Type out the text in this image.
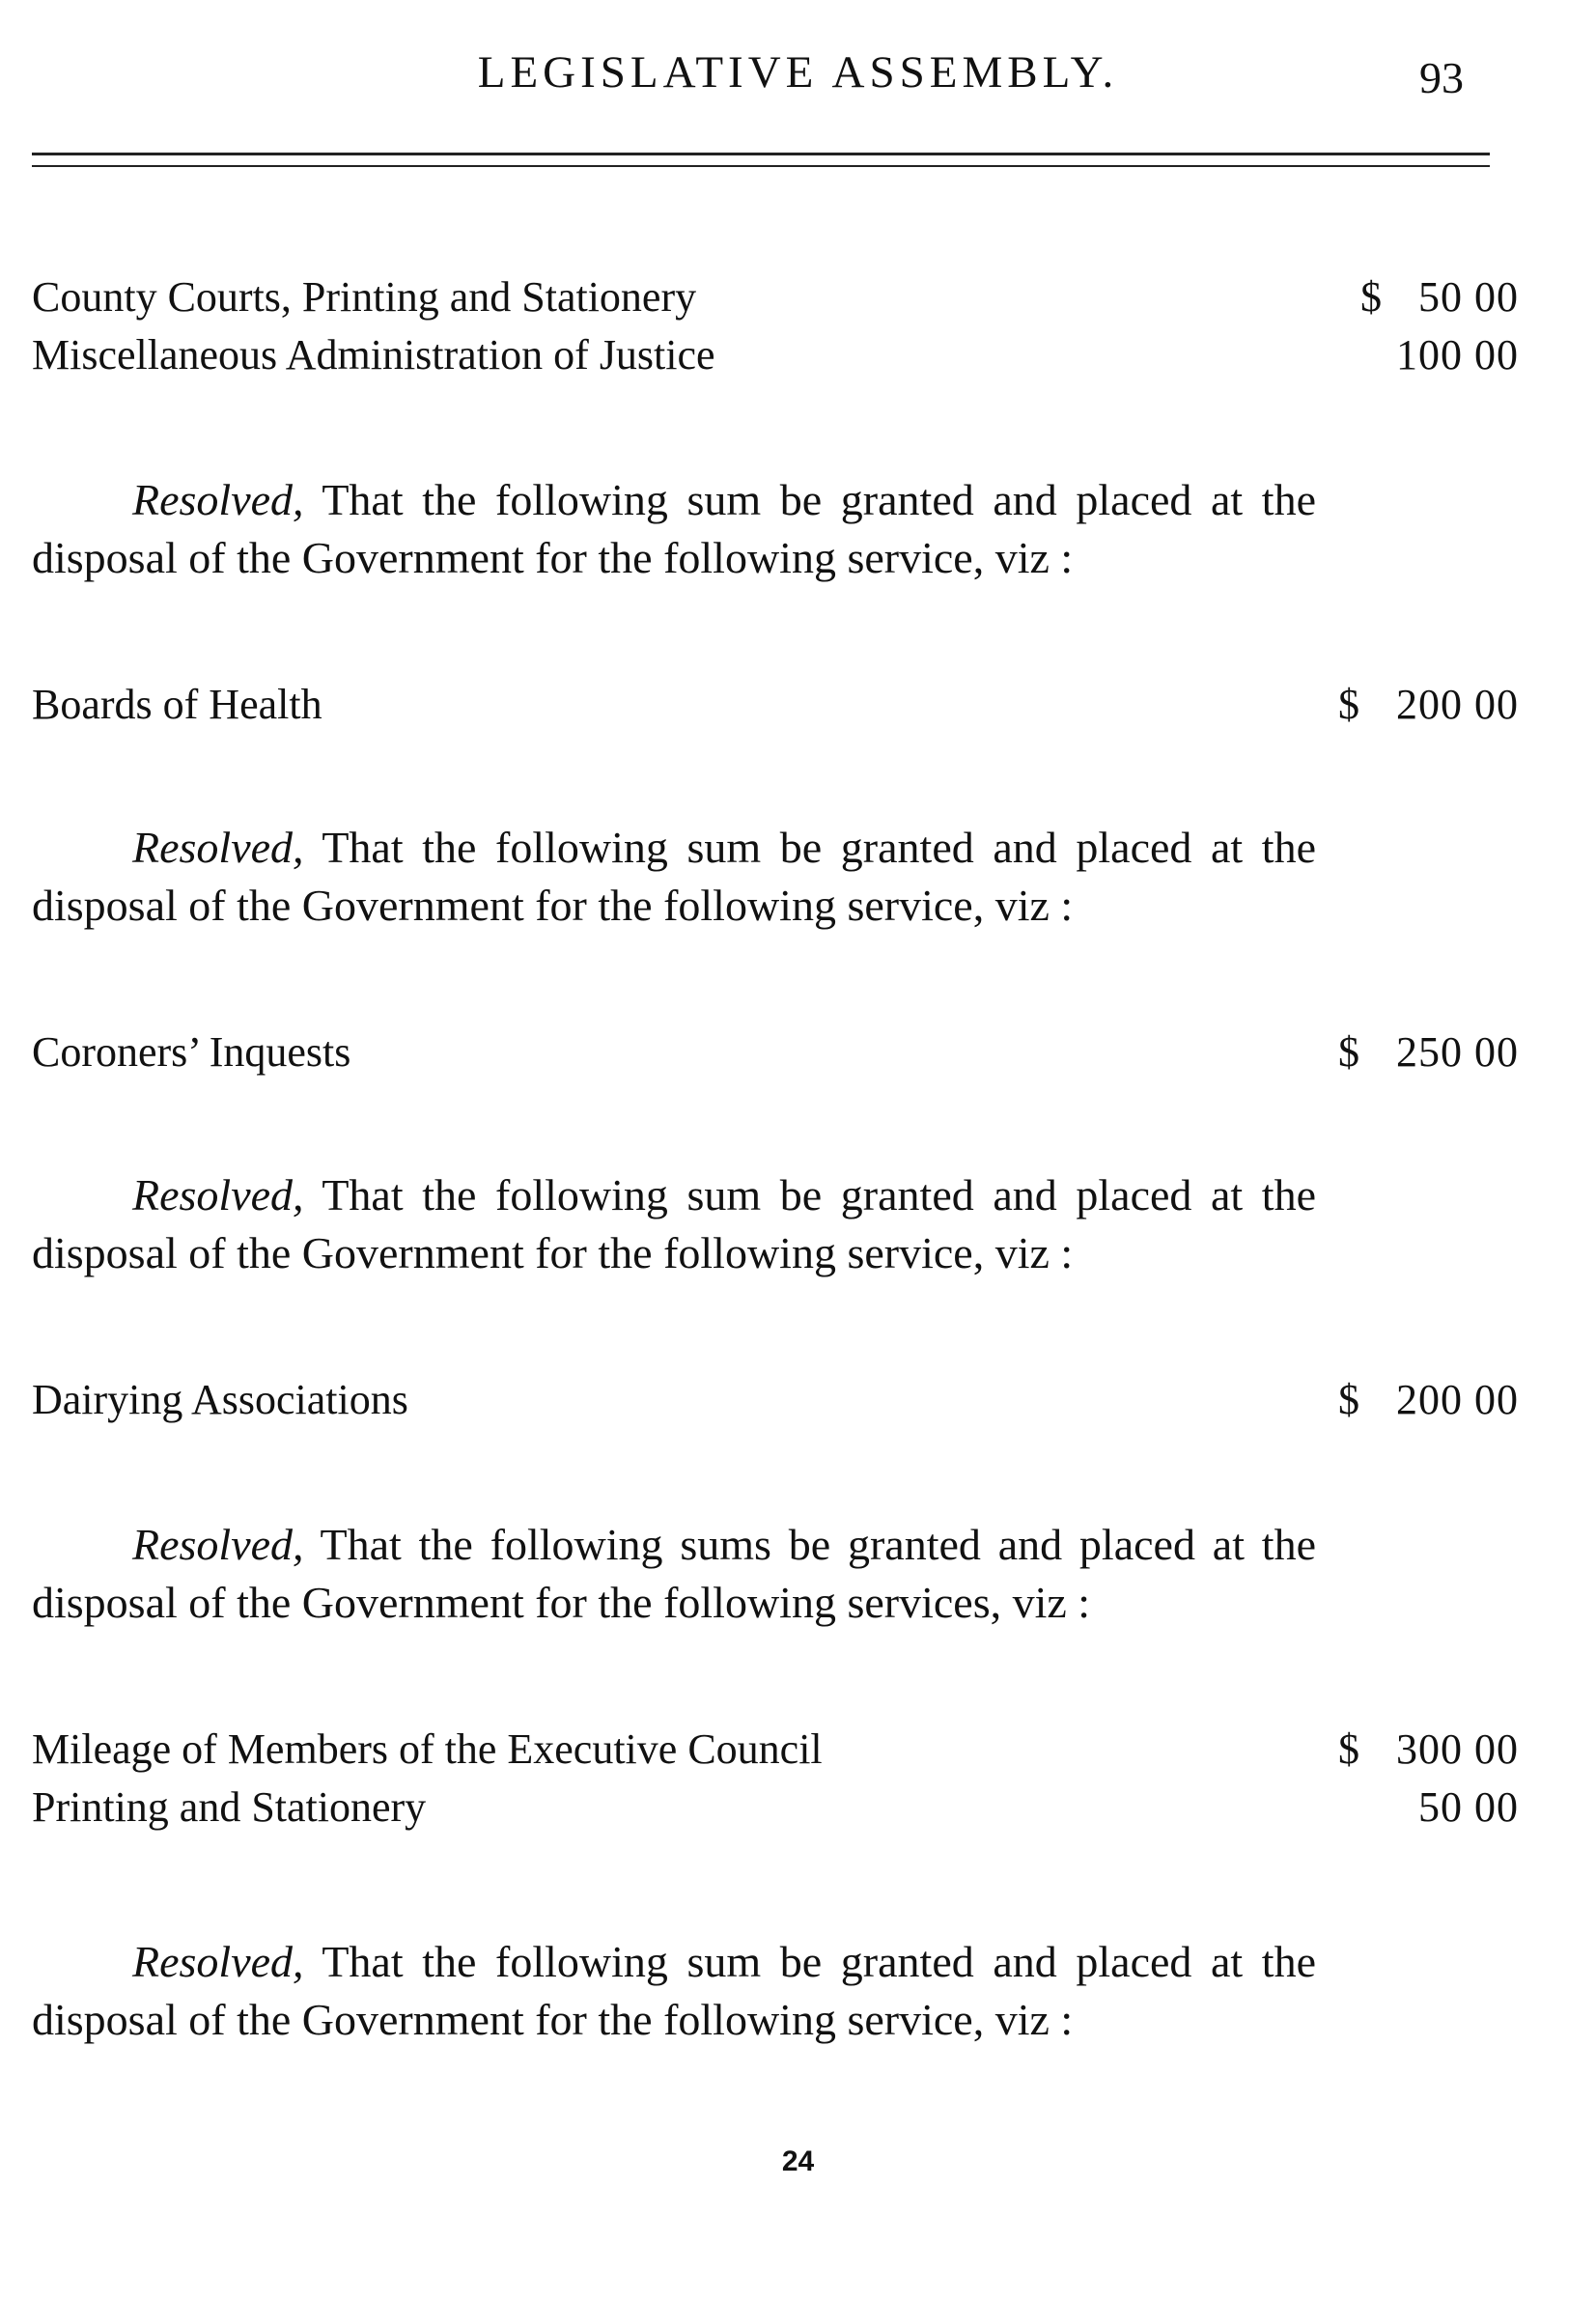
LEGISLATIVE ASSEMBLY.	93
County Courts, Printing and Stationery	$ 50 00
Miscellaneous Administration of Justice	100 00
Resolved, That the following sum be granted and placed at the disposal of the Government for the following service, viz :
Boards of Health	$ 200 00
Resolved, That the following sum be granted and placed at the disposal of the Government for the following service, viz :
Coroners’ Inquests	$ 250 00
Resolved, That the following sum be granted and placed at the disposal of the Government for the following service, viz :
Dairying Associations	$ 200 00
Resolved, That the following sums be granted and placed at the disposal of the Government for the following services, viz :
Mileage of Members of the Executive Council	$ 300 00
Printing and Stationery	50 00
Resolved, That the following sum be granted and placed at the disposal of the Government for the following service, viz :
24
